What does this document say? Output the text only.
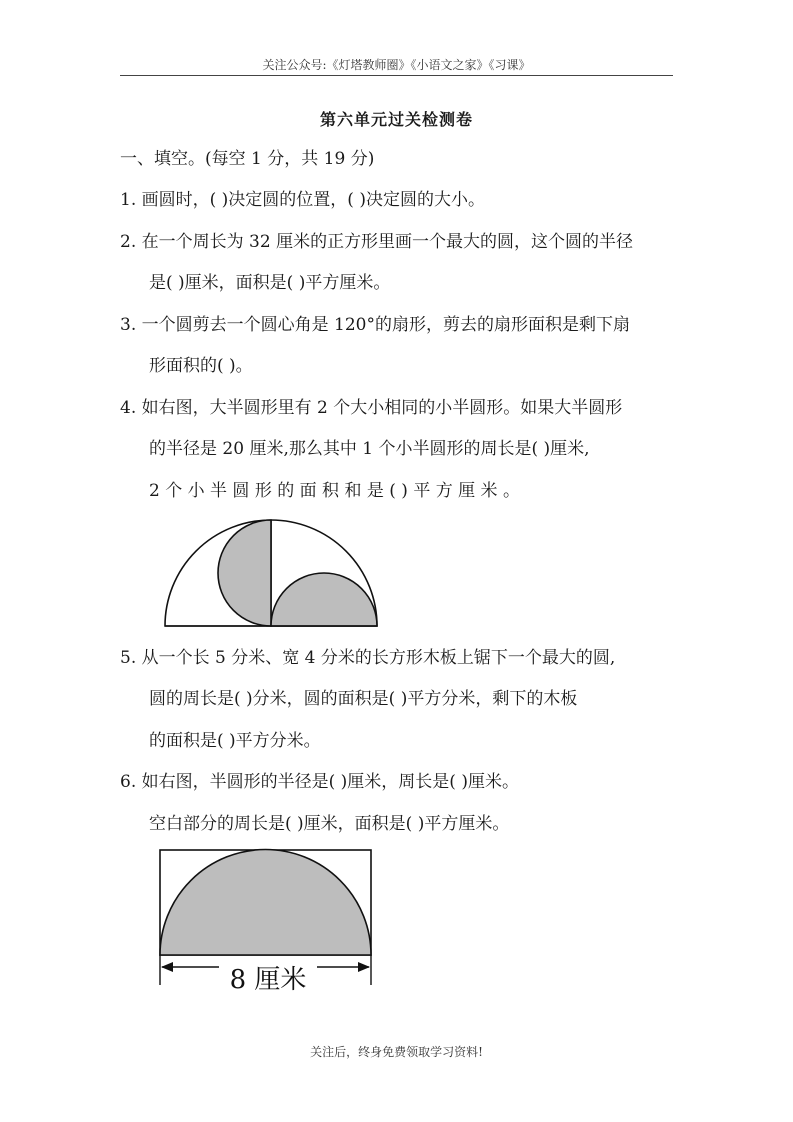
关注公众号:《灯塔教师圈》《小语文之家》《习课》
第六单元过关检测卷
一、填空。(每空 1 分，共 19 分)
1. 画圆时，( )决定圆的位置，( )决定圆的大小。
2. 在一个周长为 32 厘米的正方形里画一个最大的圆，这个圆的半径
是( )厘米，面积是( )平方厘米。
3. 一个圆剪去一个圆心角是 120°的扇形，剪去的扇形面积是剩下扇
形面积的( )。
4. 如右图，大半圆形里有 2 个大小相同的小半圆形。如果大半圆形
的半径是 20 厘米,那么其中 1 个小半圆形的周长是( )厘米,
2 个 小 半 圆 形 的 面 积 和 是 ( ) 平 方 厘 米 。
5. 从一个长 5 分米、宽 4 分米的长方形木板上锯下一个最大的圆,
圆的周长是( )分米，圆的面积是( )平方分米，剩下的木板
的面积是( )平方分米。
6. 如右图，半圆形的半径是( )厘米，周长是( )厘米。
空白部分的周长是( )厘米，面积是( )平方厘米。
8 厘米
关注后，终身免费领取学习资料!
